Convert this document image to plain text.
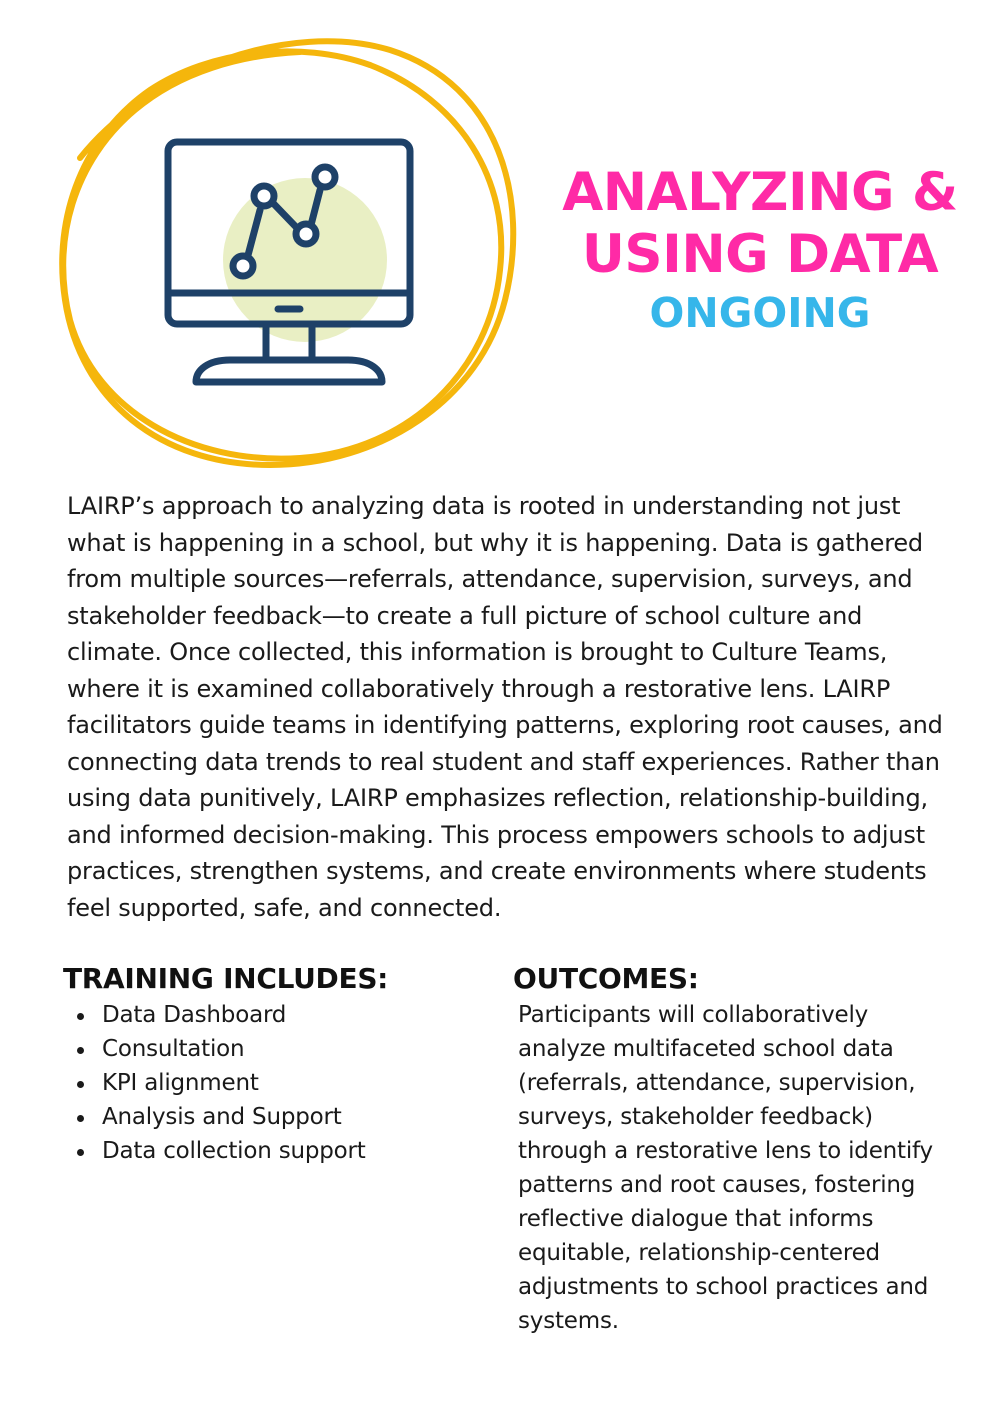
ANALYZING &
USING DATA
ONGOING

LAIRP’s approach to analyzing data is rooted in understanding not just what is happening in a school, but why it is happening. Data is gathered from multiple sources—referrals, attendance, supervision, surveys, and stakeholder feedback—to create a full picture of school culture and climate. Once collected, this information is brought to Culture Teams, where it is examined collaboratively through a restorative lens. LAIRP facilitators guide teams in identifying patterns, exploring root causes, and connecting data trends to real student and staff experiences. Rather than using data punitively, LAIRP emphasizes reflection, relationship-building, and informed decision-making. This process empowers schools to adjust practices, strengthen systems, and create environments where students feel supported, safe, and connected.

TRAINING INCLUDES:
Data Dashboard
Consultation
KPI alignment
Analysis and Support
Data collection support
OUTCOMES:

Participants will collaboratively analyze multifaceted school data (referrals, attendance, supervision, surveys, stakeholder feedback) through a restorative lens to identify patterns and root causes, fostering reflective dialogue that informs equitable, relationship-centered adjustments to school practices and systems.
